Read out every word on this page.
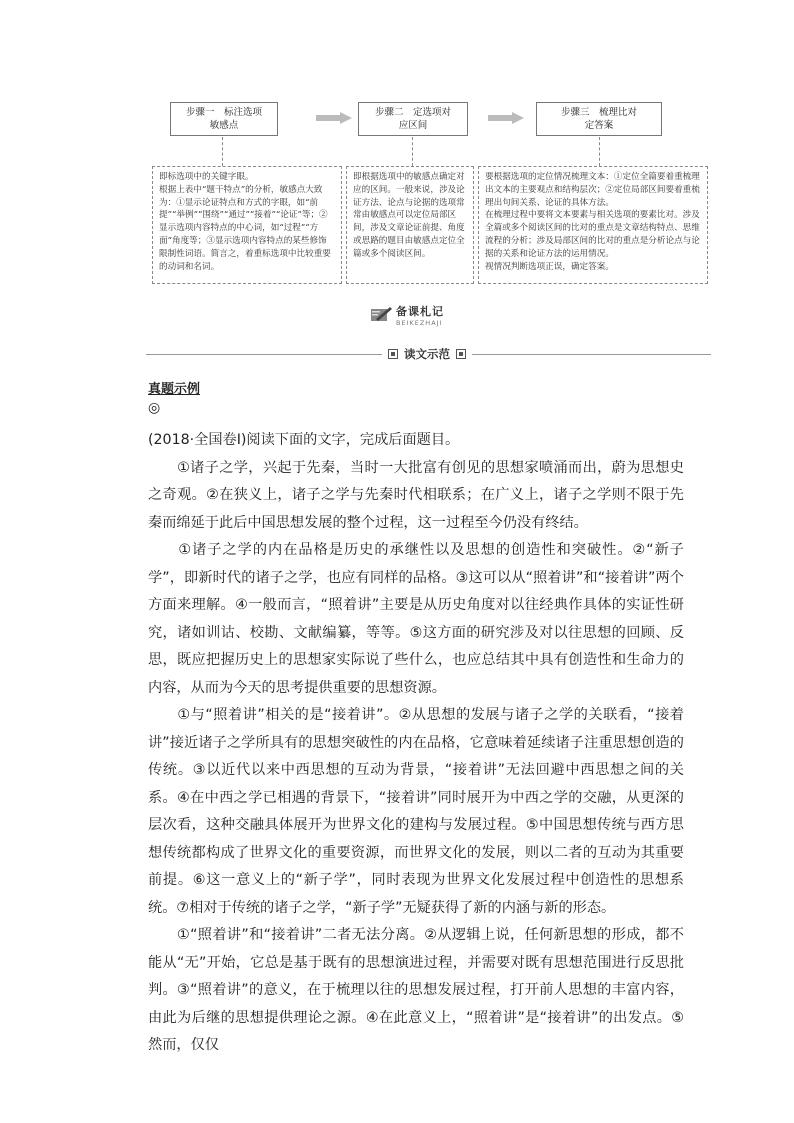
步骤一　标注选项
敏感点
步骤二　定选项对
应区间
步骤三　梳理比对
定答案
即标选项中的关键字眼。
根据上表中“题干特点”的分析，敏感点大致为：①显示论证特点和方式的字眼，如“前提”“举例”“围绕”“通过”“接着”“论证”等；②显示选项内容特点的中心词，如“过程”“方面”角度等；③显示选项内容特点的某些修饰限制性词语。简言之，着重标选项中比较重要的动词和名词。
即根据选项中的敏感点确定对应的区间。一般来说，涉及论证方法、论点与论据的选项常常由敏感点可以定位局部区间，涉及文章论证前提、角度或思路的题目由敏感点定位全篇或多个阅读区间。
要根据选项的定位情况梳理文本：①定位全篇要着重梳理出文本的主要观点和结构层次；②定位局部区间要着重梳理出句间关系、论证的具体方法。
在梳理过程中要将文本要素与相关选项的要素比对。涉及全篇或多个阅读区间的比对的重点是文章结构特点、思维流程的分析；涉及局部区间的比对的重点是分析论点与论据的关系和论证方法的运用情况。
视情况判断选项正误，确定答案。
备课札记
BEIKEZHAJI
读文示范
真题示例
◎

(2018·全国卷Ⅰ)阅读下面的文字，完成后面题目。

　　①诸子之学，兴起于先秦，当时一大批富有创见的思想家喷涌而出，蔚为思想史之奇观。②在狭义上，诸子之学与先秦时代相联系；在广义上，诸子之学则不限于先秦而绵延于此后中国思想发展的整个过程，这一过程至今仍没有终结。

　　①诸子之学的内在品格是历史的承继性以及思想的创造性和突破性。②“新子学”，即新时代的诸子之学，也应有同样的品格。③这可以从“照着讲”和“接着讲”两个方面来理解。④一般而言，“照着讲”主要是从历史角度对以往经典作具体的实证性研究，诸如训诂、校勘、文献编纂，等等。⑤这方面的研究涉及对以往思想的回顾、反思，既应把握历史上的思想家实际说了些什么，也应总结其中具有创造性和生命力的内容，从而为今天的思考提供重要的思想资源。

　　①与“照着讲”相关的是“接着讲”。②从思想的发展与诸子之学的关联看，“接着讲”接近诸子之学所具有的思想突破性的内在品格，它意味着延续诸子注重思想创造的传统。③以近代以来中西思想的互动为背景，“接着讲”无法回避中西思想之间的关系。④在中西之学已相遇的背景下，“接着讲”同时展开为中西之学的交融，从更深的层次看，这种交融具体展开为世界文化的建构与发展过程。⑤中国思想传统与西方思想传统都构成了世界文化的重要资源，而世界文化的发展，则以二者的互动为其重要前提。⑥这一意义上的“新子学”，同时表现为世界文化发展过程中创造性的思想系统。⑦相对于传统的诸子之学，“新子学”无疑获得了新的内涵与新的形态。

　　①“照着讲”和“接着讲”二者无法分离。②从逻辑上说，任何新思想的形成，都不能从“无”开始，它总是基于既有的思想演进过程，并需要对既有思想范围进行反思批判。③“照着讲”的意义，在于梳理以往的思想发展过程，打开前人思想的丰富内容，由此为后继的思想提供理论之源。④在此意义上，“照着讲”是“接着讲”的出发点。⑤然而，仅仅
